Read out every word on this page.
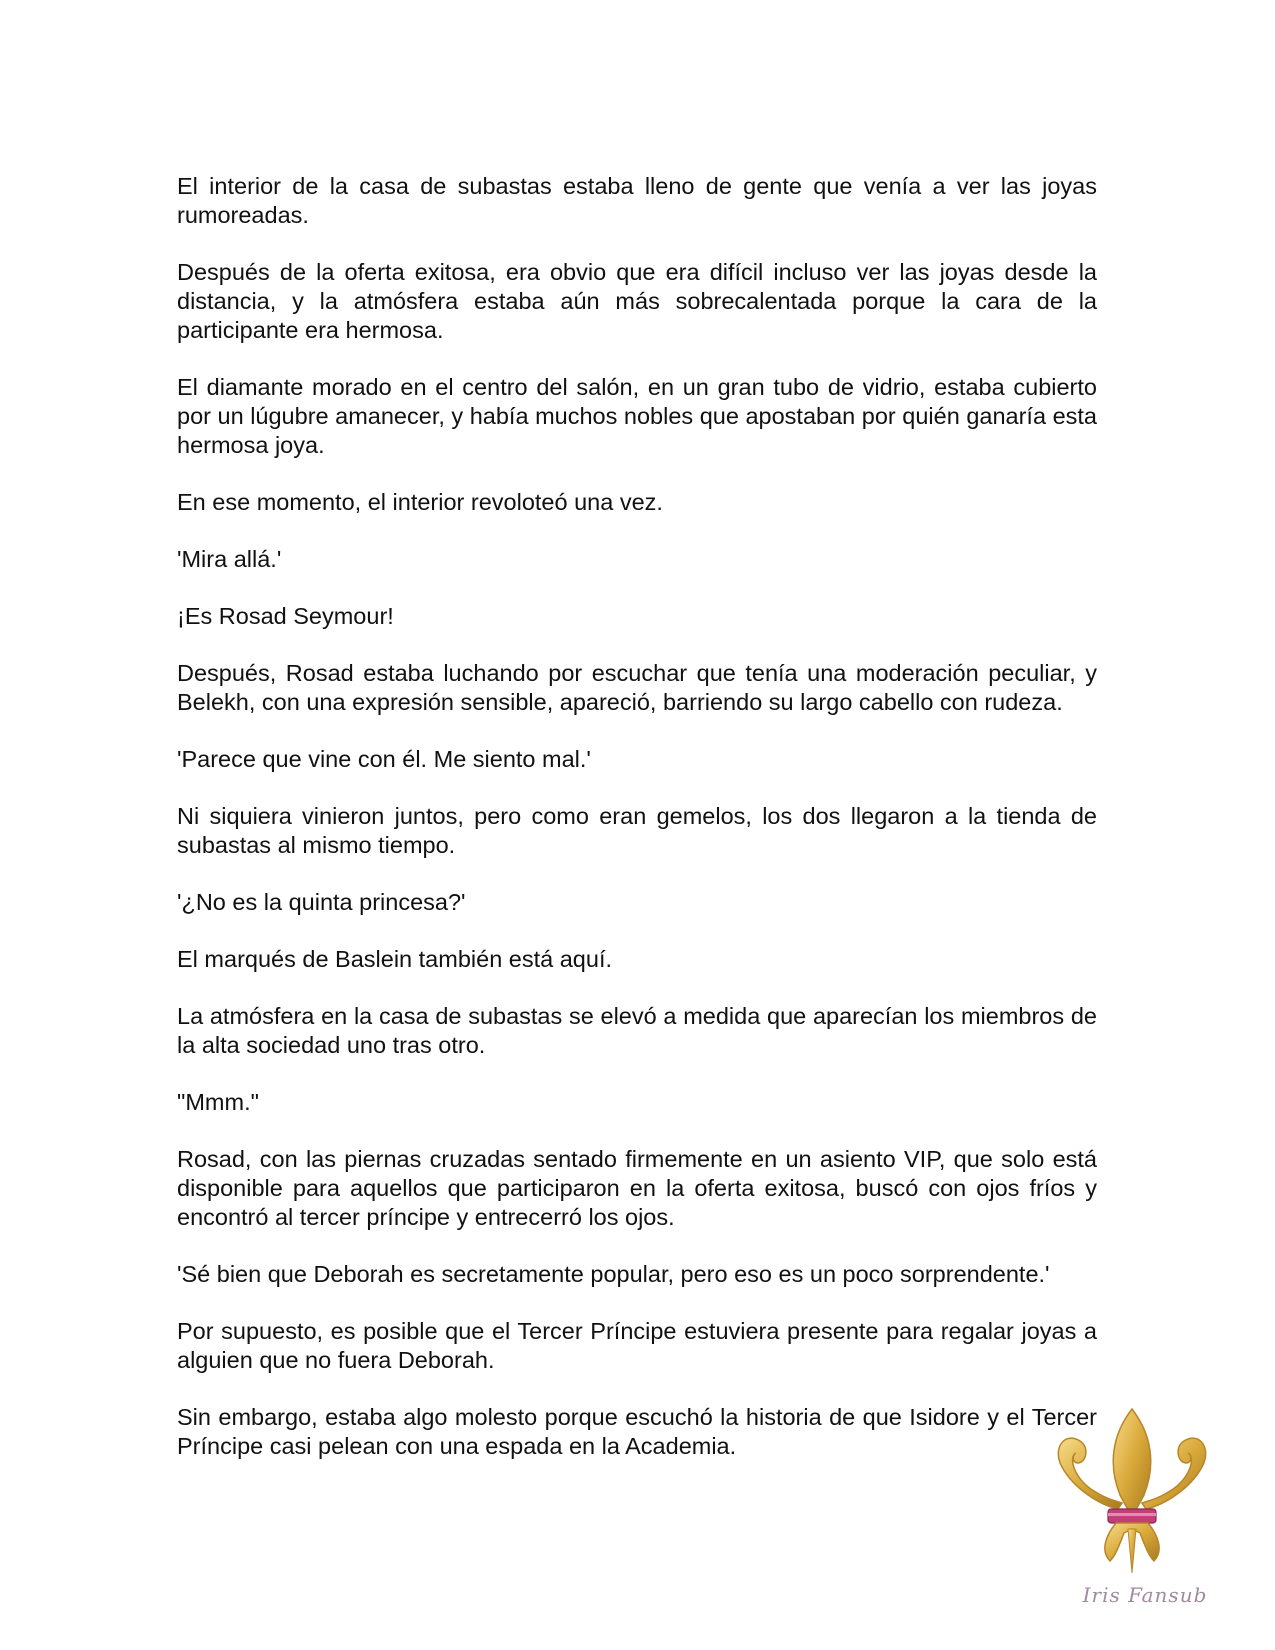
El interior de la casa de subastas estaba lleno de gente que venía a ver las joyas rumoreadas.

Después de la oferta exitosa, era obvio que era difícil incluso ver las joyas desde la distancia, y la atmósfera estaba aún más sobrecalentada porque la cara de la participante era hermosa.

El diamante morado en el centro del salón, en un gran tubo de vidrio, estaba cubierto por un lúgubre amanecer, y había muchos nobles que apostaban por quién ganaría esta hermosa joya.

En ese momento, el interior revoloteó una vez.

'Mira allá.'

¡Es Rosad Seymour!

Después, Rosad estaba luchando por escuchar que tenía una moderación peculiar, y Belekh, con una expresión sensible, apareció, barriendo su largo cabello con rudeza.

'Parece que vine con él. Me siento mal.'

Ni siquiera vinieron juntos, pero como eran gemelos, los dos llegaron a la tienda de subastas al mismo tiempo.

'¿No es la quinta princesa?'

El marqués de Baslein también está aquí.

La atmósfera en la casa de subastas se elevó a medida que aparecían los miembros de la alta sociedad uno tras otro.

"Mmm."

Rosad, con las piernas cruzadas sentado firmemente en un asiento VIP, que solo está disponible para aquellos que participaron en la oferta exitosa, buscó con ojos fríos y encontró al tercer príncipe y entrecerró los ojos.

'Sé bien que Deborah es secretamente popular, pero eso es un poco sorprendente.'

Por supuesto, es posible que el Tercer Príncipe estuviera presente para regalar joyas a alguien que no fuera Deborah.

Sin embargo, estaba algo molesto porque escuchó la historia de que Isidore y el Tercer Príncipe casi pelean con una espada en la Academia.

Iris Fansub
